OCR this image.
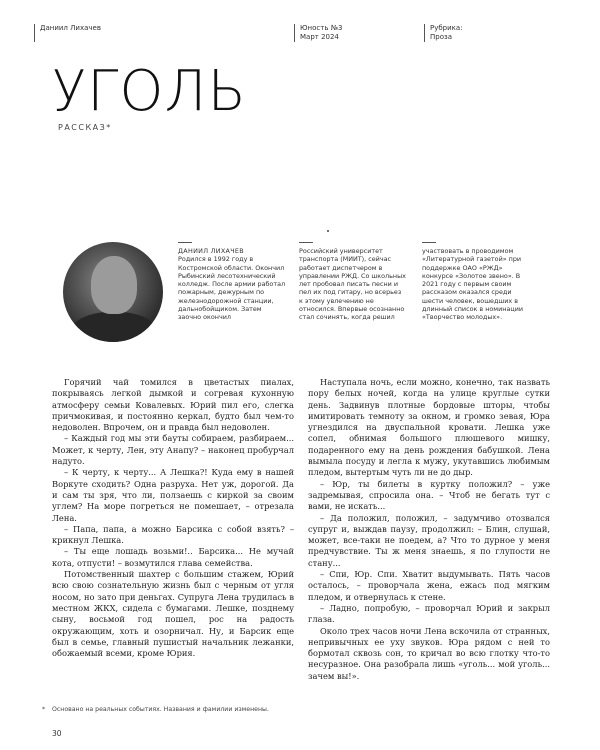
Даниил Лихачев	Юность №3
Март 2024
Рубрика:
Проза
УГОЛЬ
РАССКАЗ*

ДАНИИЛ ЛИХАЧЕВ

Родился в 1992 году в Костромской области. Окончил Рыбинский лесотехнический колледж. После армии работал пожарным, дежурным по железнодорожной станции, дальнобойщиком. Затем заочно окончил

Российский университет транспорта (МИИТ), сейчас работает диспетчером в управлении РЖД. Со школьных лет пробовал писать песни и пел их под гитару, но всерьез к этому увлечению не относился. Впервые осознанно стал сочинять, когда решил

участвовать в проводимом «Литературной газетой» при поддержке ОАО «РЖД» конкурсе «Золотое звено». В 2021 году с первым своим рассказом оказался среди шести человек, вошедших в длинный список в номинации «Творчество молодых».

Горячий чай томился в цветастых пиалах, покрываясь легкой дымкой и согревая кухонную атмосферу семьи Ковалевых. Юрий пил его, слегка причмокивая, и постоянно керкал, будто был чем-то недоволен. Впрочем, он и правда был недоволен.

– Каждый год мы эти бауты собираем, разбираем... Может, к черту, Лен, эту Анапу? – наконец пробурчал надуто.

– К черту, к черту... А Лешка?! Куда ему в нашей Воркуте сходить? Одна разруха. Нет уж, дорогой. Да и сам ты зря, что ли, ползаешь с киркой за своим углем? На море погреться не помешает, – отрезала Лена.

– Папа, папа, а можно Барсика с собой взять? – крикнул Лешка.

– Ты еще лошадь возьми!.. Барсика... Не мучай кота, отпусти! – возмутился глава семейства.

Потомственный шахтер с большим стажем, Юрий всю свою сознательную жизнь был с черным от угля носом, но зато при деньгах. Супруга Лена трудилась в местном ЖКХ, сидела с бумагами. Лешке, позднему сыну, восьмой год пошел, рос на радость окружающим, хоть и озорничал. Ну, и Барсик еще был в семье, главный пушистый начальник лежанки, обожаемый всеми, кроме Юрия.

Наступала ночь, если можно, конечно, так назвать пору белых ночей, когда на улице круглые сутки день. Задвинув плотные бордовые шторы, чтобы имитировать темноту за окном, и громко зевая, Юра угнездился на двуспальной кровати. Лешка уже сопел, обнимая большого плюшевого мишку, подаренного ему на день рождения бабушкой. Лена вымыла посуду и легла к мужу, укутавшись любимым пледом, вытертым чуть ли не до дыр.

– Юр, ты билеты в куртку положил? – уже задремывая, спросила она. – Чтоб не бегать тут с вами, не искать...

– Да положил, положил, – задумчиво отозвался супруг и, выждав паузу, продолжил: – Блин, слушай, может, все-таки не поедем, а? Что то дурное у меня предчувствие. Ты ж меня знаешь, я по глупости не стану...

– Спи, Юр. Спи. Хватит выдумывать. Пять часов осталось, – проворчала жена, ежась под мягким пледом, и отвернулась к стене.

– Ладно, попробую, – проворчал Юрий и закрыл глаза.

Около трех часов ночи Лена вскочила от странных, непривычных ее уху звуков. Юра рядом с ней то бормотал сквозь сон, то кричал во всю глотку что-то несуразное. Она разобрала лишь «уголь... мой уголь... зачем вы!».

* Основано на реальных событиях. Названия и фамилии изменены.
30
